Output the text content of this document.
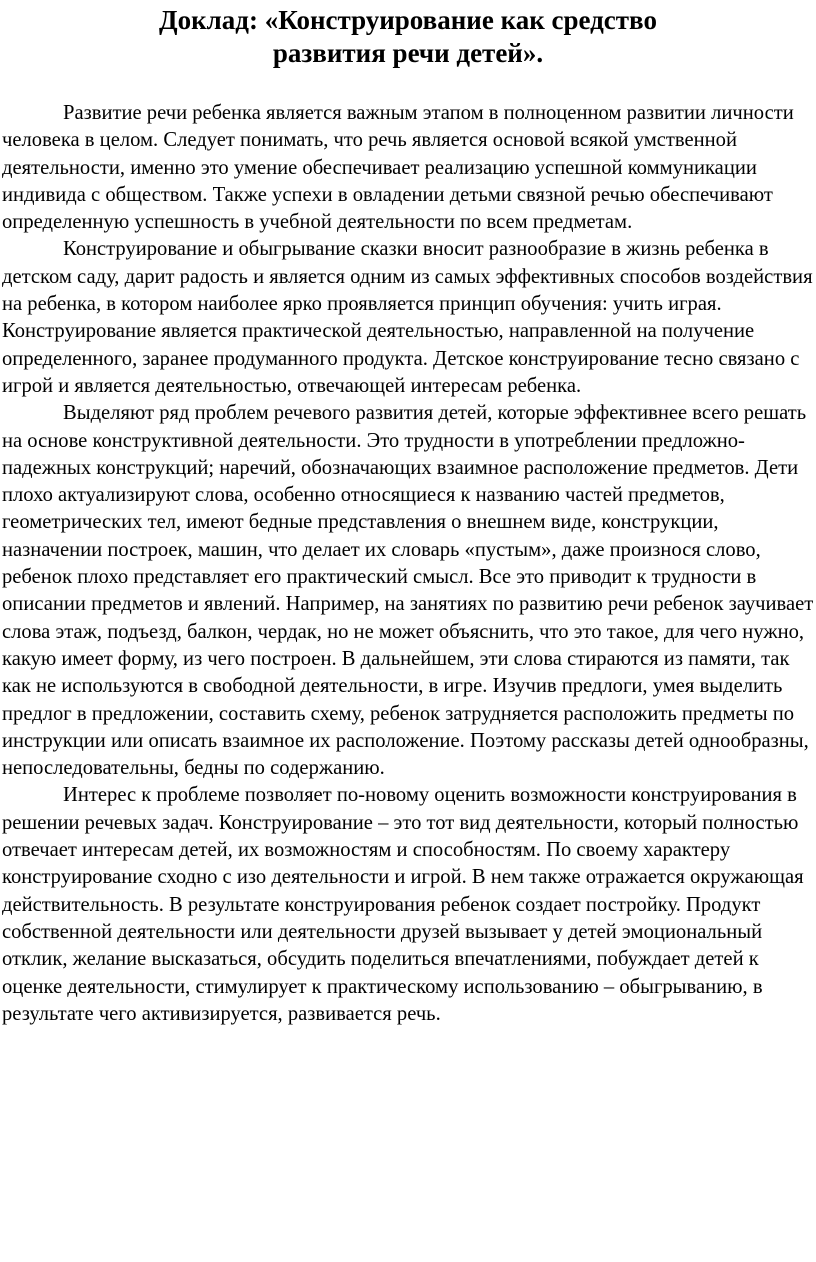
Доклад: «Конструирование как средство
развития речи детей».

Развитие речи ребенка является важным этапом в полноценном развитии личности человека в целом. Следует понимать, что речь является основой всякой умственной деятельности, именно это умение обеспечивает реализацию успешной коммуникации индивида с обществом. Также успехи в овладении детьми связной речью обеспечивают определенную успешность в учебной деятельности по всем предметам.

Конструирование и обыгрывание сказки вносит разнообразие в жизнь ребенка в детском саду, дарит радость и является одним из самых эффективных способов воздействия на ребенка, в котором наиболее ярко проявляется принцип обучения: учить играя. Конструирование является практической деятельностью, направленной на получение определенного, заранее продуманного продукта. Детское конструирование тесно связано с игрой и является деятельностью, отвечающей интересам ребенка.

Выделяют ряд проблем речевого развития детей, которые эффективнее всего решать на основе конструктивной деятельности. Это трудности в употреблении предложно-падежных конструкций; наречий, обозначающих взаимное расположение предметов. Дети плохо актуализируют слова, особенно относящиеся к названию частей предметов, геометрических тел, имеют бедные представления о внешнем виде, конструкции, назначении построек, машин, что делает их словарь «пустым», даже произнося слово, ребенок плохо представляет его практический смысл. Все это приводит к трудности в описании предметов и явлений. Например, на занятиях по развитию речи ребенок заучивает слова этаж, подъезд, балкон, чердак, но не может объяснить, что это такое, для чего нужно, какую имеет форму, из чего построен. В дальнейшем, эти слова стираются из памяти, так как не используются в свободной деятельности, в игре. Изучив предлоги, умея выделить предлог в предложении, составить схему, ребенок затрудняется расположить предметы по инструкции или описать взаимное их расположение. Поэтому рассказы детей однообразны, непоследовательны, бедны по содержанию.

Интерес к проблеме позволяет по-новому оценить возможности конструирования в решении речевых задач. Конструирование – это тот вид деятельности, который полностью отвечает интересам детей, их возможностям и способностям. По своему характеру конструирование сходно с изо деятельности и игрой. В нем также отражается окружающая действительность. В результате конструирования ребенок создает постройку. Продукт собственной деятельности или деятельности друзей вызывает у детей эмоциональный отклик, желание высказаться, обсудить поделиться впечатлениями, побуждает детей к оценке деятельности, стимулирует к практическому использованию – обыгрыванию, в результате чего активизируется, развивается речь.
